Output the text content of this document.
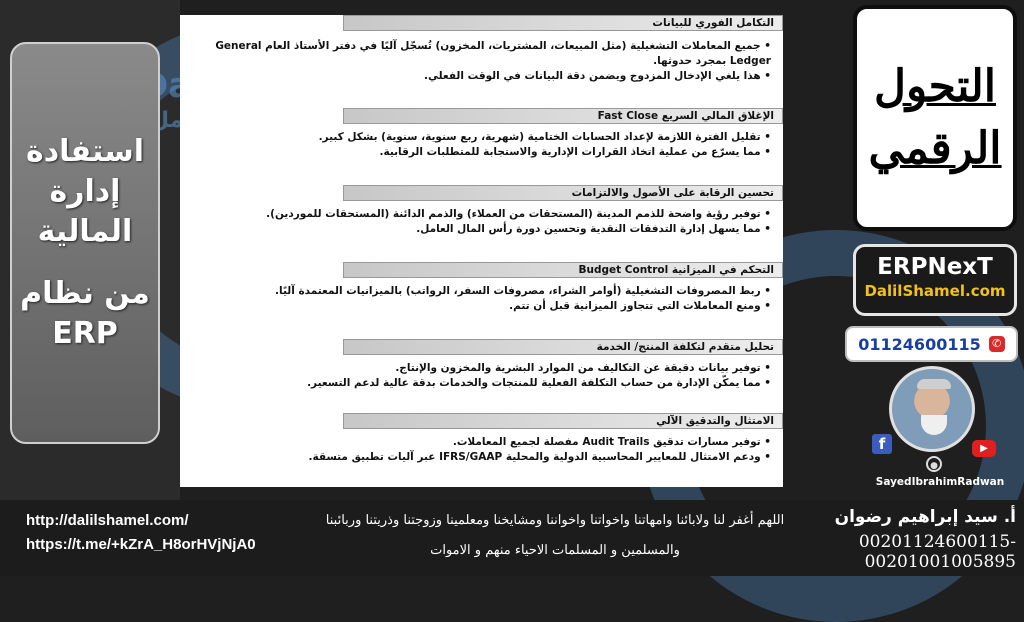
استفادة
إدارة
المالية
من نظام
ERP
التكامل الفوري للبيانات
• جميع المعاملات التشغيلية (مثل المبيعات، المشتريات، المخزون) تُسجّل آليًا في دفتر الأستاذ العام General Ledger بمجرد حدوثها.
• هذا يلغي الإدخال المزدوج ويضمن دقة البيانات في الوقت الفعلي.
الإغلاق المالي السريع Fast Close
• تقليل الفترة اللازمة لإعداد الحسابات الختامية (شهرية، ربع سنوية، سنوية) بشكل كبير.
• مما يسرّع من عملية اتخاذ القرارات الإدارية والاستجابة للمتطلبات الرقابية.
تحسين الرقابة على الأصول والالتزامات
• توفير رؤية واضحة للذمم المدينة (المستحقات من العملاء) والذمم الدائنة (المستحقات للموردين).
• مما يسهل إدارة التدفقات النقدية وتحسين دورة رأس المال العامل.
التحكم في الميزانية Budget Control
• ربط المصروفات التشغيلية (أوامر الشراء، مصروفات السفر، الرواتب) بالميزانيات المعتمدة آليًا.
• ومنع المعاملات التي تتجاوز الميزانية قبل أن تتم.
تحليل متقدم لتكلفة المنتج/ الخدمة
• توفير بيانات دقيقة عن التكاليف من الموارد البشرية والمخزون والإنتاج.
• مما يمكّن الإدارة من حساب التكلفة الفعلية للمنتجات والخدمات بدقة عالية لدعم التسعير.
الامتثال والتدقيق الآلي
• توفير مسارات تدقيق Audit Trails مفصلة لجميع المعاملات.
• ودعم الامتثال للمعايير المحاسبية الدولية والمحلية IFRS/GAAP عبر آليات تطبيق متسقة.
التحول
الرقمي
ERPNexT
DalilShamel.com
01124600115	✆
f	▶
●
SayedIbrahimRadwan
http://dalilshamel.com/
https://t.me/+kZrA_H8orHVjNjA0
اللهم أغفر لنا ولابائنا وامهاتنا واخواتنا واخواننا ومشايخنا ومعلمينا وزوجتنا وذريتنا وربائبنا
والمسلمين و المسلمات الاحياء منهم و الاموات
أ. سيد إبراهيم رضوان
00201124600115- 00201001005895
